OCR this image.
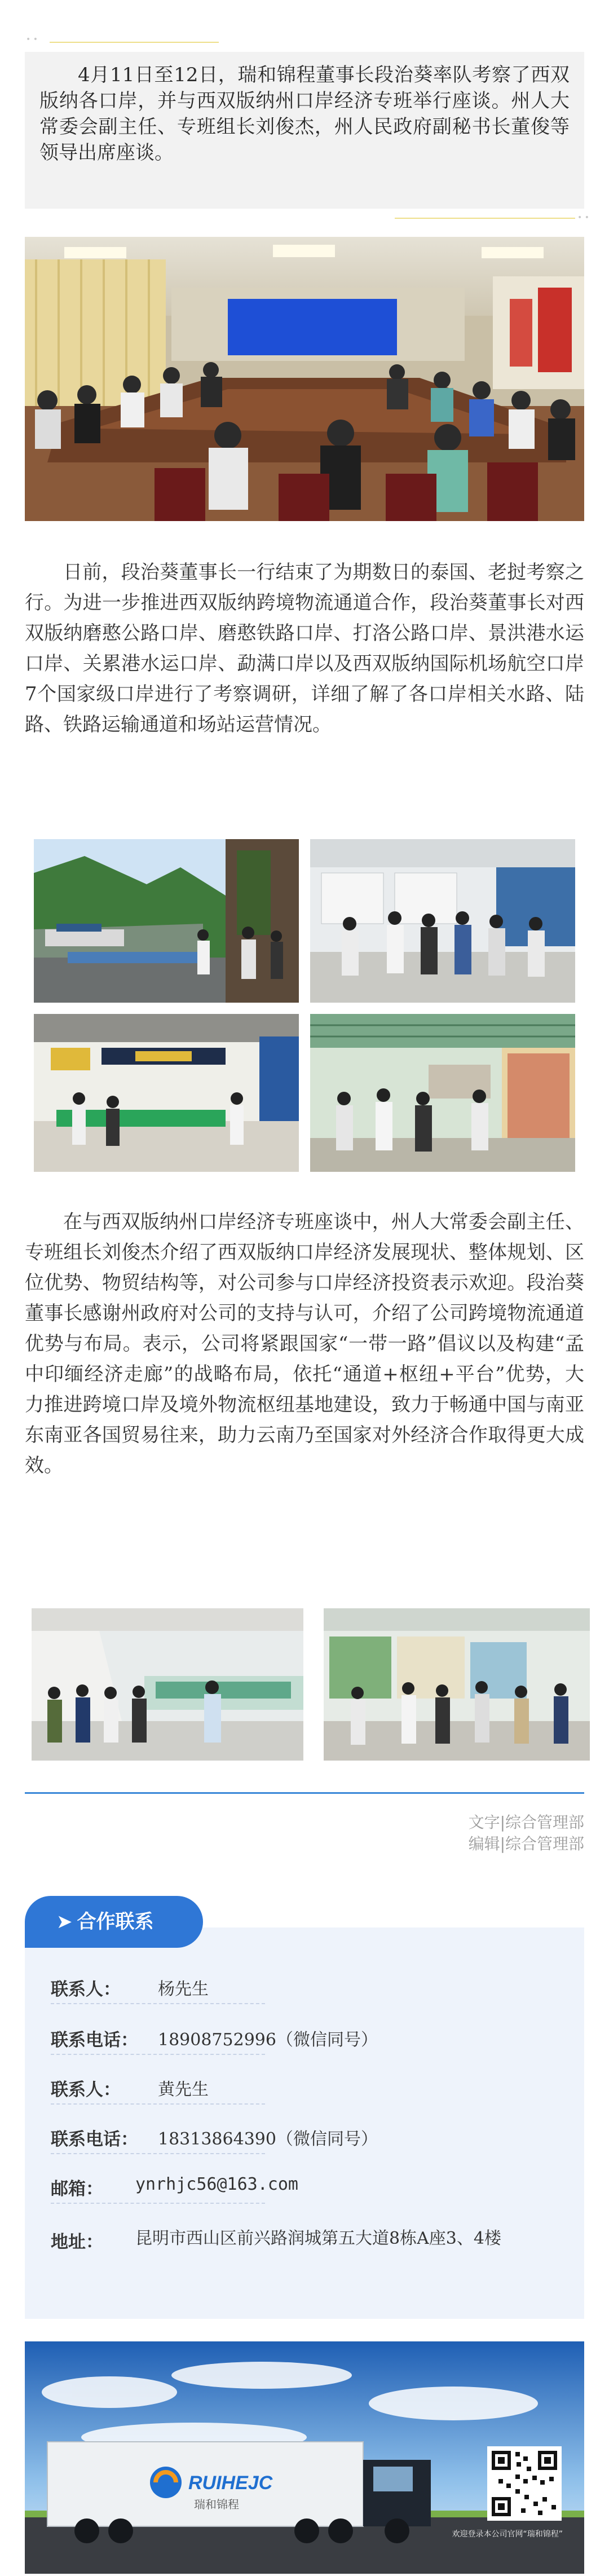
• •

4月11日至12日，瑞和锦程董事长段治葵率队考察了西双版纳各口岸，并与西双版纳州口岸经济专班举行座谈。州人大常委会副主任、专班组长刘俊杰，州人民政府副秘书长董俊等领导出席座谈。

• •

日前，段治葵董事长一行结束了为期数日的泰国、老挝考察之行。为进一步推进西双版纳跨境物流通道合作，段治葵董事长对西双版纳磨憨公路口岸、磨憨铁路口岸、打洛公路口岸、景洪港水运口岸、关累港水运口岸、勐满口岸以及西双版纳国际机场航空口岸7个国家级口岸进行了考察调研，详细了解了各口岸相关水路、陆路、铁路运输通道和场站运营情况。

在与西双版纳州口岸经济专班座谈中，州人大常委会副主任、专班组长刘俊杰介绍了西双版纳口岸经济发展现状、整体规划、区位优势、物贸结构等，对公司参与口岸经济投资表示欢迎。段治葵董事长感谢州政府对公司的支持与认可，介绍了公司跨境物流通道优势与布局。表示，公司将紧跟国家“一带一路”倡议以及构建“孟中印缅经济走廊”的战略布局，依托“通道+枢纽+平台”优势，大力推进跨境口岸及境外物流枢纽基地建设，致力于畅通中国与南亚东南亚各国贸易往来，助力云南乃至国家对外经济合作取得更大成效。

文字|综合管理部
编辑|综合管理部
➤ 合作联系
联系人： 杨先生
联系电话： 18908752996（微信同号）
联系人： 黄先生
联系电话： 18313864390（微信同号）
邮箱： ynrhjc56@163.com
地址： 昆明市西山区前兴路润城第五大道8栋A座3、4楼
RUIHEJC
瑞和锦程
欢迎登录本公司官网“瑞和锦程”
